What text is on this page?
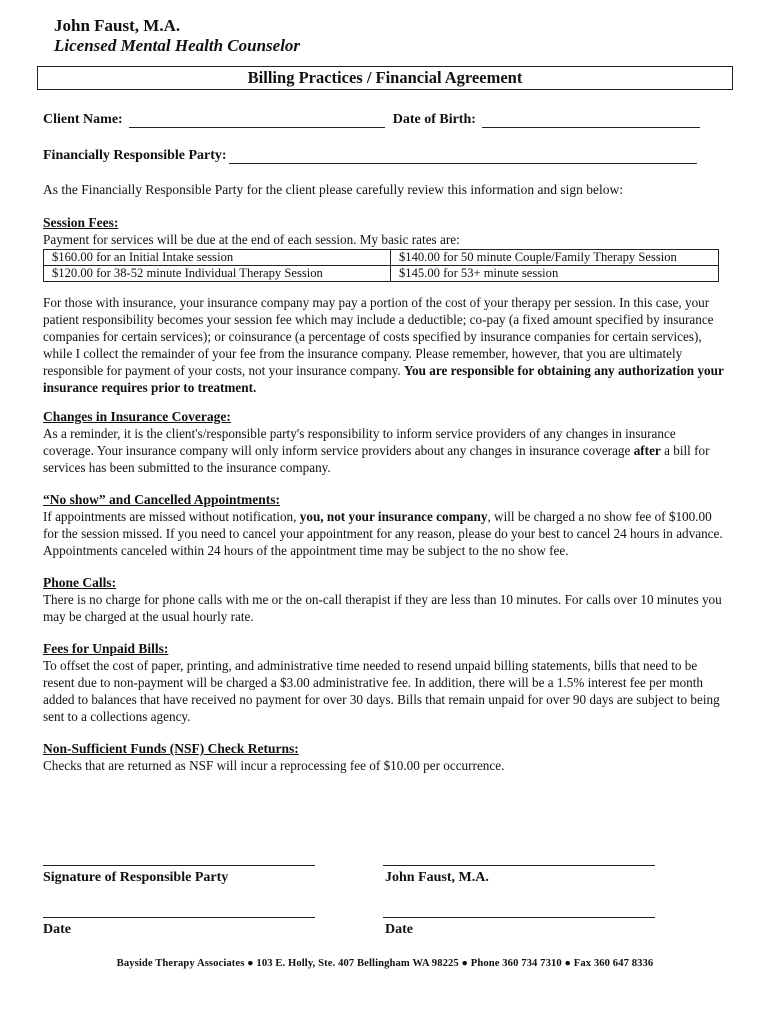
John Faust, M.A.
Licensed Mental Health Counselor
Billing Practices / Financial Agreement
Client Name:	Date of Birth:
Financially Responsible Party:
As the Financially Responsible Party for the client please carefully review this information and sign below:
Session Fees:
Payment for services will be due at the end of each session. My basic rates are:
$160.00 for an Initial Intake session	$140.00 for 50 minute Couple/Family Therapy Session
$120.00 for 38-52 minute Individual Therapy Session	$145.00 for 53+ minute session
For those with insurance, your insurance company may pay a portion of the cost of your therapy per session. In this case, your patient responsibility becomes your session fee which may include a deductible; co-pay (a fixed amount specified by insurance companies for certain services); or coinsurance (a percentage of costs specified by insurance companies for certain services), while I collect the remainder of your fee from the insurance company. Please remember, however, that you are ultimately responsible for payment of your costs, not your insurance company. You are responsible for obtaining any authorization your insurance requires prior to treatment.
Changes in Insurance Coverage:
As a reminder, it is the client's/responsible party's responsibility to inform service providers of any changes in insurance coverage. Your insurance company will only inform service providers about any changes in insurance coverage after a bill for services has been submitted to the insurance company.
“No show” and Cancelled Appointments:
If appointments are missed without notification, you, not your insurance company, will be charged a no show fee of $100.00 for the session missed. If you need to cancel your appointment for any reason, please do your best to cancel 24 hours in advance. Appointments canceled within 24 hours of the appointment time may be subject to the no show fee.
Phone Calls:
There is no charge for phone calls with me or the on-call therapist if they are less than 10 minutes. For calls over 10 minutes you may be charged at the usual hourly rate.
Fees for Unpaid Bills:
To offset the cost of paper, printing, and administrative time needed to resend unpaid billing statements, bills that need to be resent due to non-payment will be charged a $3.00 administrative fee. In addition, there will be a 1.5% interest fee per month added to balances that have received no payment for over 30 days. Bills that remain unpaid for over 90 days are subject to being sent to a collections agency.
Non-Sufficient Funds (NSF) Check Returns:
Checks that are returned as NSF will incur a reprocessing fee of $10.00 per occurrence.
Signature of Responsible Party	John Faust, M.A.
Date	Date
Bayside Therapy Associates ● 103 E. Holly, Ste. 407 Bellingham WA 98225 ● Phone 360 734 7310 ● Fax 360 647 8336
